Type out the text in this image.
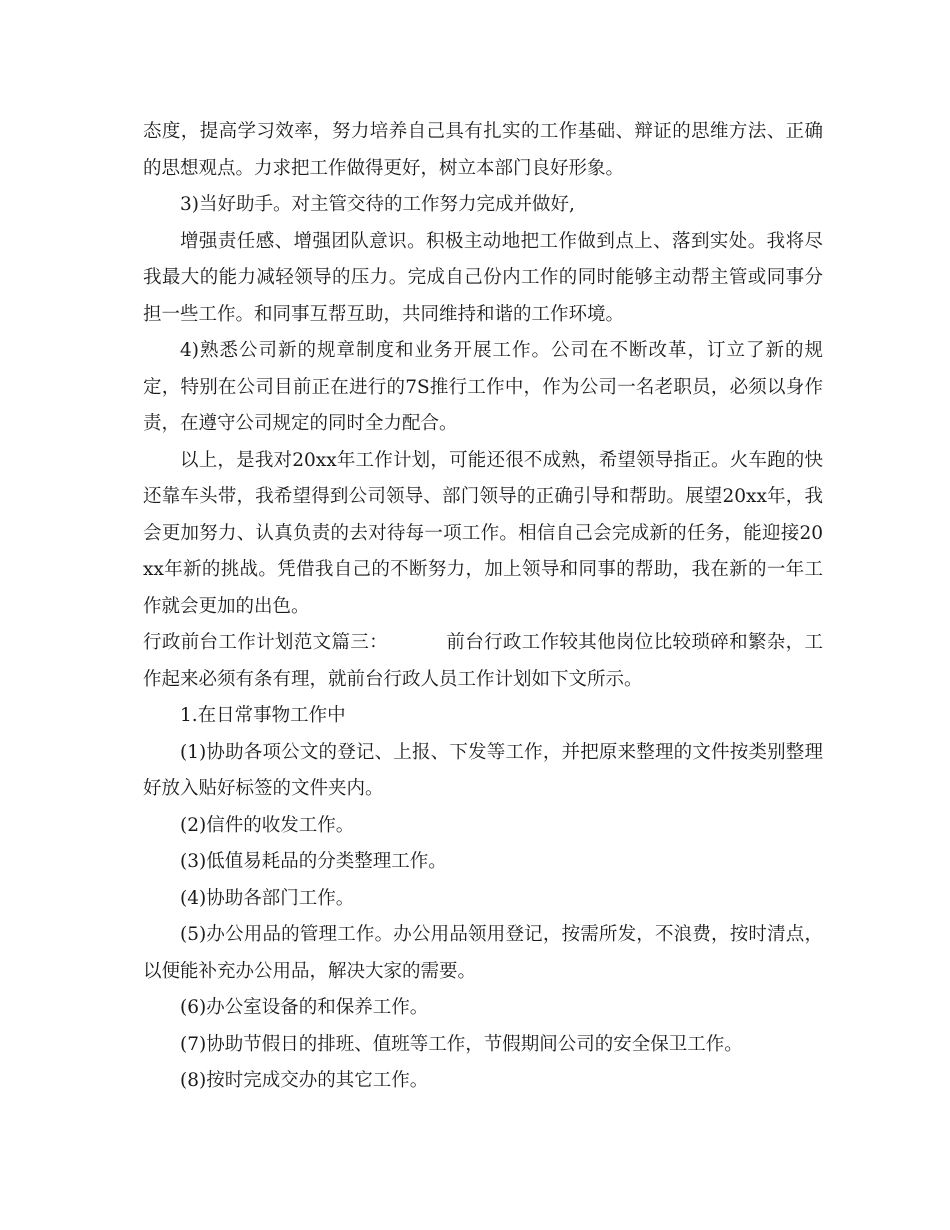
态度，提高学习效率，努力培养自己具有扎实的工作基础、辩证的思维方法、正确的思想观点。力求把工作做得更好，树立本部门良好形象。

3)当好助手。对主管交待的工作努力完成并做好,

增强责任感、增强团队意识。积极主动地把工作做到点上、落到实处。我将尽我最大的能力减轻领导的压力。完成自己份内工作的同时能够主动帮主管或同事分担一些工作。和同事互帮互助，共同维持和谐的工作环境。

4)熟悉公司新的规章制度和业务开展工作。公司在不断改革，订立了新的规定，特别在公司目前正在进行的7S推行工作中，作为公司一名老职员，必须以身作责，在遵守公司规定的同时全力配合。

以上，是我对20xx年工作计划，可能还很不成熟，希望领导指正。火车跑的快还靠车头带，我希望得到公司领导、部门领导的正确引导和帮助。展望20xx年，我会更加努力、认真负责的去对待每一项工作。相信自己会完成新的任务，能迎接20xx年新的挑战。凭借我自己的不断努力，加上领导和同事的帮助，我在新的一年工作就会更加的出色。

行政前台工作计划范文篇三：	前台行政工作较其他岗位比较琐碎和繁杂，工作起来必须有条有理，就前台行政人员工作计划如下文所示。

1.在日常事物工作中

(1)协助各项公文的登记、上报、下发等工作，并把原来整理的文件按类别整理好放入贴好标签的文件夹内。

(2)信件的收发工作。

(3)低值易耗品的分类整理工作。

(4)协助各部门工作。

(5)办公用品的管理工作。办公用品领用登记，按需所发，不浪费，按时清点，以便能补充办公用品，解决大家的需要。

(6)办公室设备的和保养工作。

(7)协助节假日的排班、值班等工作，节假期间公司的安全保卫工作。

(8)按时完成交办的其它工作。
